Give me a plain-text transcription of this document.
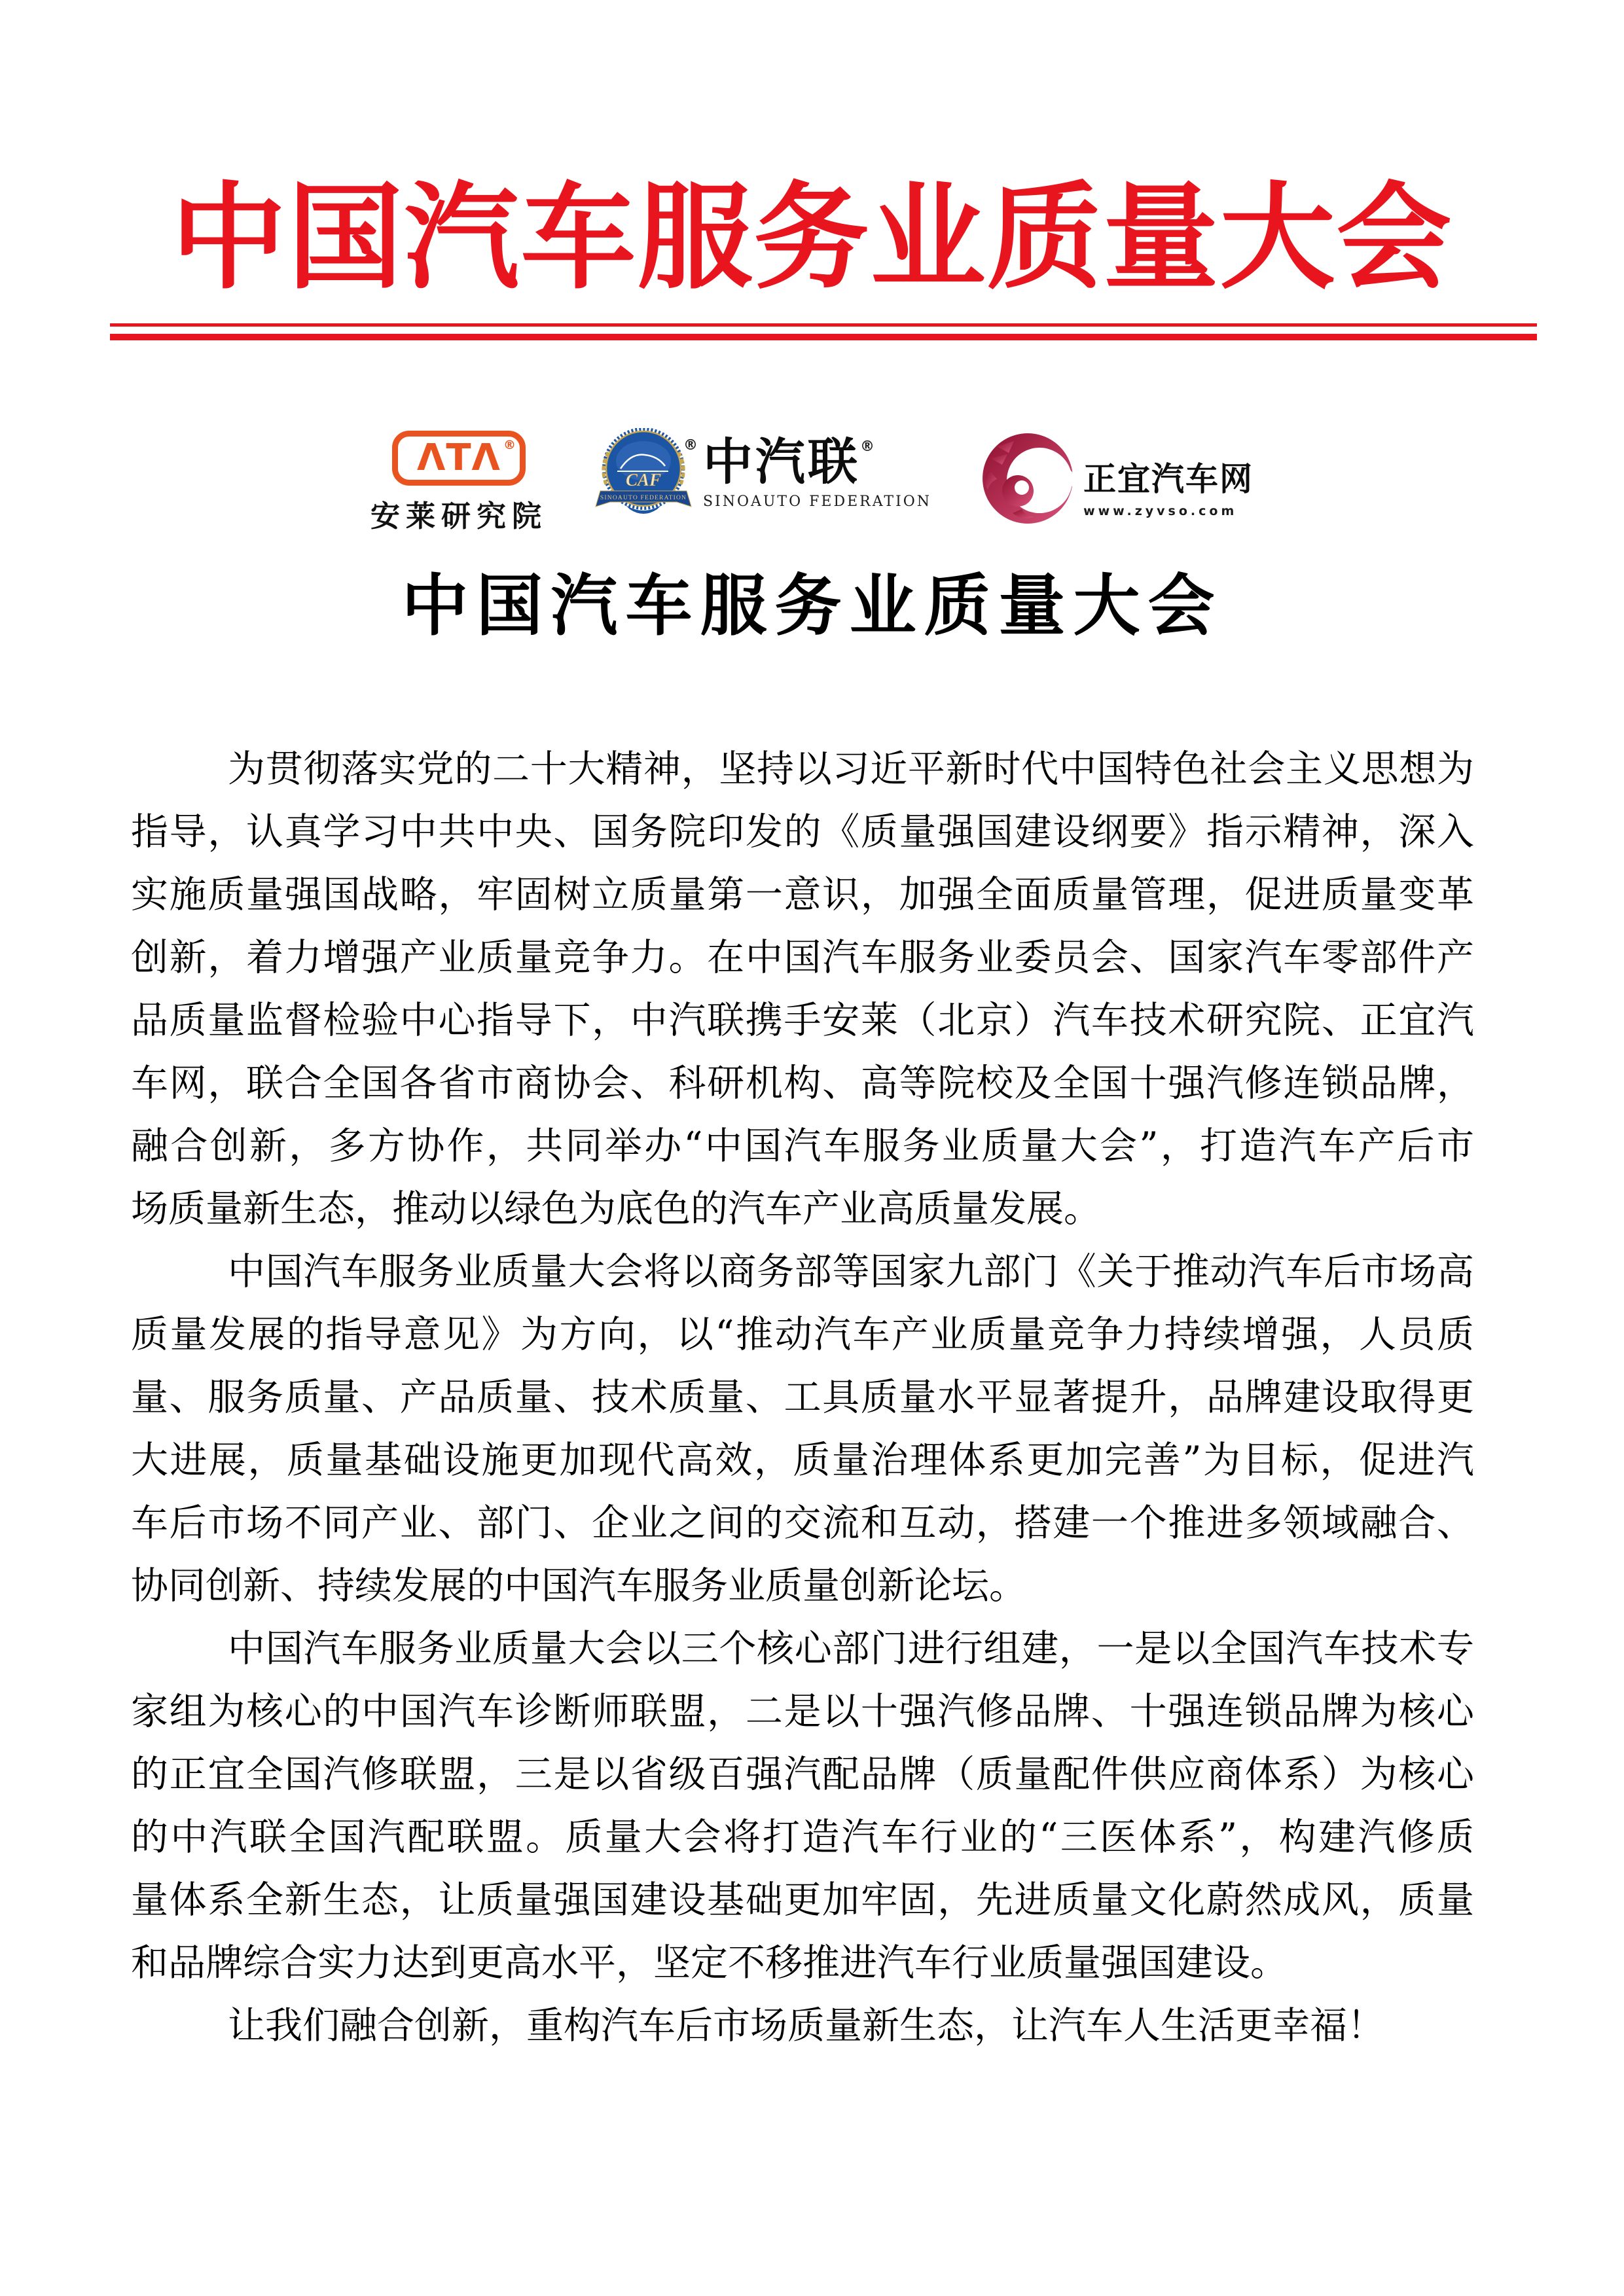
中国汽车服务业质量大会
ΛTΛ ®
安莱研究院
CAF
SINOAUTO FEDERATION
® 中汽联 ®
SINOAUTO FEDERATION
正宜汽车网
www.zyvso.com
中国汽车服务业质量大会
为贯彻落实党的二十大精神，坚持以习近平新时代中国特色社会主义思想为
指导，认真学习中共中央、国务院印发的《质量强国建设纲要》指示精神，深入
实施质量强国战略，牢固树立质量第一意识，加强全面质量管理，促进质量变革
创新，着力增强产业质量竞争力。在中国汽车服务业委员会、国家汽车零部件产
品质量监督检验中心指导下，中汽联携手安莱（北京）汽车技术研究院、正宜汽
车网，联合全国各省市商协会、科研机构、高等院校及全国十强汽修连锁品牌，
融合创新，多方协作，共同举办“中国汽车服务业质量大会”，打造汽车产后市
场质量新生态，推动以绿色为底色的汽车产业高质量发展。
中国汽车服务业质量大会将以商务部等国家九部门《关于推动汽车后市场高
质量发展的指导意见》为方向，以“推动汽车产业质量竞争力持续增强，人员质
量、服务质量、产品质量、技术质量、工具质量水平显著提升，品牌建设取得更
大进展，质量基础设施更加现代高效，质量治理体系更加完善”为目标，促进汽
车后市场不同产业、部门、企业之间的交流和互动，搭建一个推进多领域融合、
协同创新、持续发展的中国汽车服务业质量创新论坛。
中国汽车服务业质量大会以三个核心部门进行组建，一是以全国汽车技术专
家组为核心的中国汽车诊断师联盟，二是以十强汽修品牌、十强连锁品牌为核心
的正宜全国汽修联盟，三是以省级百强汽配品牌（质量配件供应商体系）为核心
的中汽联全国汽配联盟。质量大会将打造汽车行业的“三医体系”，构建汽修质
量体系全新生态，让质量强国建设基础更加牢固，先进质量文化蔚然成风，质量
和品牌综合实力达到更高水平，坚定不移推进汽车行业质量强国建设。
让我们融合创新，重构汽车后市场质量新生态，让汽车人生活更幸福！
